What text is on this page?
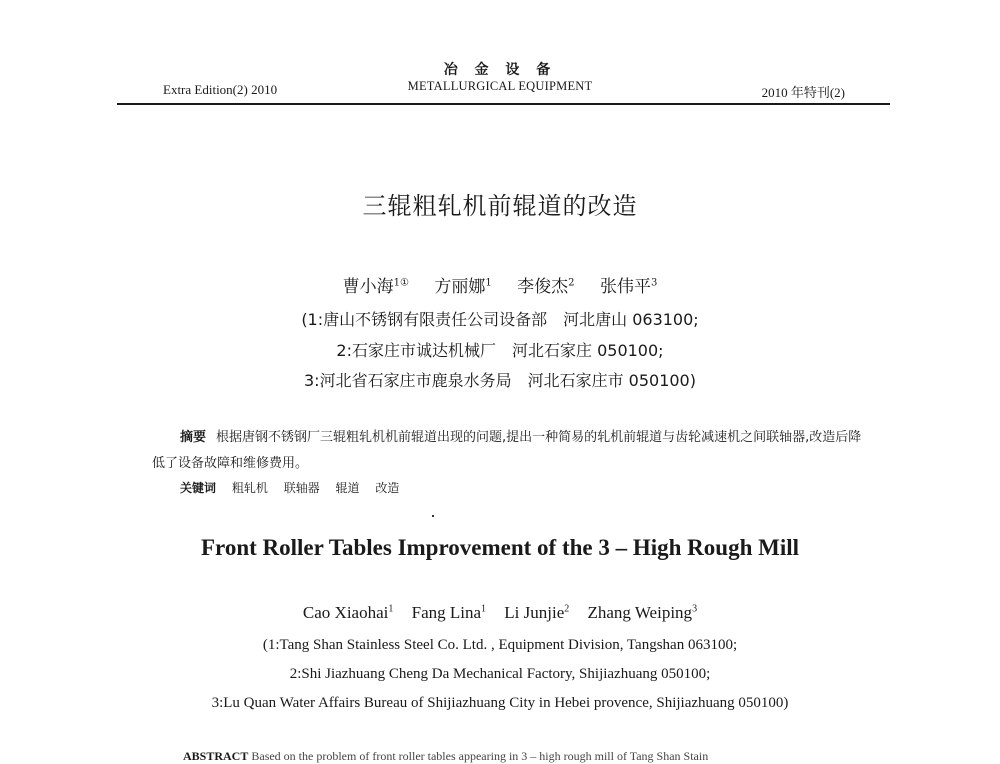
Extra Edition(2) 2010
冶 金 设 备
METALLURGICAL EQUIPMENT	2010 年特刊(2)
三辊粗轧机前辊道的改造
曹小海$^{1①}$ 方丽娜$^1$ 李俊杰$^2$ 张伟平$^3$
(1:唐山不锈钢有限责任公司设备部　河北唐山 063100;
2:石家庄市诚达机械厂　河北石家庄 050100;
3:河北省石家庄市鹿泉水务局　河北石家庄市 050100)
摘要 根据唐钢不锈钢厂三辊粗轧机机前辊道出现的问题,提出一种简易的轧机前辊道与齿轮减速机之间联轴器,改造后降低了设备故障和维修费用。
关键词 粗轧机 联轴器 辊道 改造
Front Roller Tables Improvement of the 3 – High Rough Mill
Cao Xiaohai$^1$ Fang Lina$^1$ Li Junjie$^2$ Zhang Weiping$^3$
(1:Tang Shan Stainless Steel Co. Ltd. , Equipment Division, Tangshan 063100;
2:Shi Jiazhuang Cheng Da Mechanical Factory, Shijiazhuang 050100;
3:Lu Quan Water Affairs Bureau of Shijiazhuang City in Hebei provence, Shijiazhuang 050100)
ABSTRACT Based on the problem of front roller tables appearing in 3 – high rough mill of Tang Shan Stain
